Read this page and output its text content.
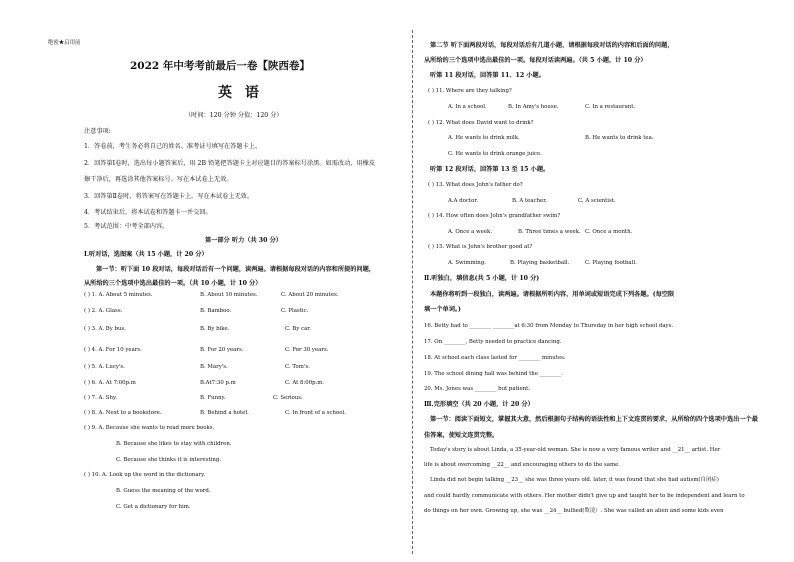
绝密★启用前
2022 年中考考前最后一卷【陕西卷】
英 语
（时间：120 分钟 分值：120 分）
注意事项:
1．答卷前，考生务必将自己的姓名、准考证号填写在答题卡上。
2．回答第Ⅰ卷时，选出每小题答案后，用 2B 铅笔把答题卡上对应题目的答案标号涂黑。如需改动，用橡皮
擦干净后，再选涂其他答案标号。写在本试卷上无效。
3．回答第Ⅱ卷时，将答案写在答题卡上。写在本试卷上无效。
4．考试结束后，将本试卷和答题卡一并交回。
5．考试范围：中考全部内容。
第一部分 听力（共 30 分）
Ⅰ.听对话，选图案（共 15 小题，计 20 分）
第一节：听下面 10 段对话，每段对话后有一个问题，读两遍。请根据每段对话的内容和所提的问题，
从所给的三个选项中选出最佳的一项。（共 10 小题，计 10 分）
( ) 1. A. About 5 minutes.	B. About 10 minutes.	C. About 20 minutes.
( ) 2. A. Glass.	B. Bamboo.	C. Plastic.
( ) 3. A. By bus.	B. By bike.	C. By car.
( ) 4. A. For 10 years.	B. For 20 years.	C. For 30 years.
( ) 5. A. Lucy's.	B. Mary's.	C. Tom's.
( ) 6. A. At 7:00p.m	B.At7:30 p.m	C. At 8:00p.m.
( ) 7. A. Shy.	B. Funny.	C. Serious.
( ) 8. A. Next to a bookstore.	B. Behind a hotel.	C. In front of a school.
( ) 9. A. Because she wants to read more books.
B. Because she likes to stay with children.
C. Because she thinks it is interesting.
( ) 10. A. Look up the word in the dictionary.
B. Guess the meaning of the word.
C. Get a dictionary for him.
第二节 听下面两段对话，每段对话后有几道小题，请根据每段对话的内容和后面的问题，
从所给的三个选项中选出最佳的一项。每段对话读两遍。（共 5 小题，计 10 分）
听第 11 段对话，回答第 11、12 小题。
( ) 11. Where are they talking?
A. In a school.	B. In Amy's house.	C. In a restaurant.
( ) 12. What does David want to drink?
A. He wants to drink milk.	B. He wants to drink tea.
C. He wants to drink orange juice.
听第 12 段对话，回答第 13 至 15 小题。
( ) 13. What does John's father do?
A.A doctor.	B. A teacher.	C. A scientist.
( ) 14. How often does John's grandfather swim?
A. Once a week.	B. Three times a week. C. Once a month.
( ) 15. What is John's brother good at?
A. Swimming.	B. Playing basketball.	C. Playing football.
Ⅱ.听独白，填信息(共 5 小题，计 10 分)
本题你将听到一段独白，读两遍。请根据所听内容，用单词或短语完成下列各题。(每空限
填一个单词。)
16. Betty had to ________ ________at 6:30 from Monday to Thursday in her high school days.
17. On ________, Betty needed to practice dancing.
18. At school each class lasted for ________ minutes.
19. The school dining hall was behind the ________.
20. Ms. Jones was ________ but patient.
Ⅲ.完形填空（共 20 小题，计 20 分）
第一节：阅读下面短文，掌握其大意，然后根据句子结构的语法性和上下文连贯的要求，从所给的四个选项中选出一个最
佳答案，使短文连贯完整。
Today's story is about Linda, a 35-year-old woman. She is now a very famous writer and __21__ artist. Her
life is about overcoming __22__ and encouraging others to do the same.
Linda did not begin talking __23__ she was three years old. later, it was found that she had autism(自闭症)
and could hardly communicate with others. Her mother didn't give up and taught her to be independent and learn to
do things on her own. Growing up, she was __24__ bullied(欺凌）. She was called an alien and some kids even
